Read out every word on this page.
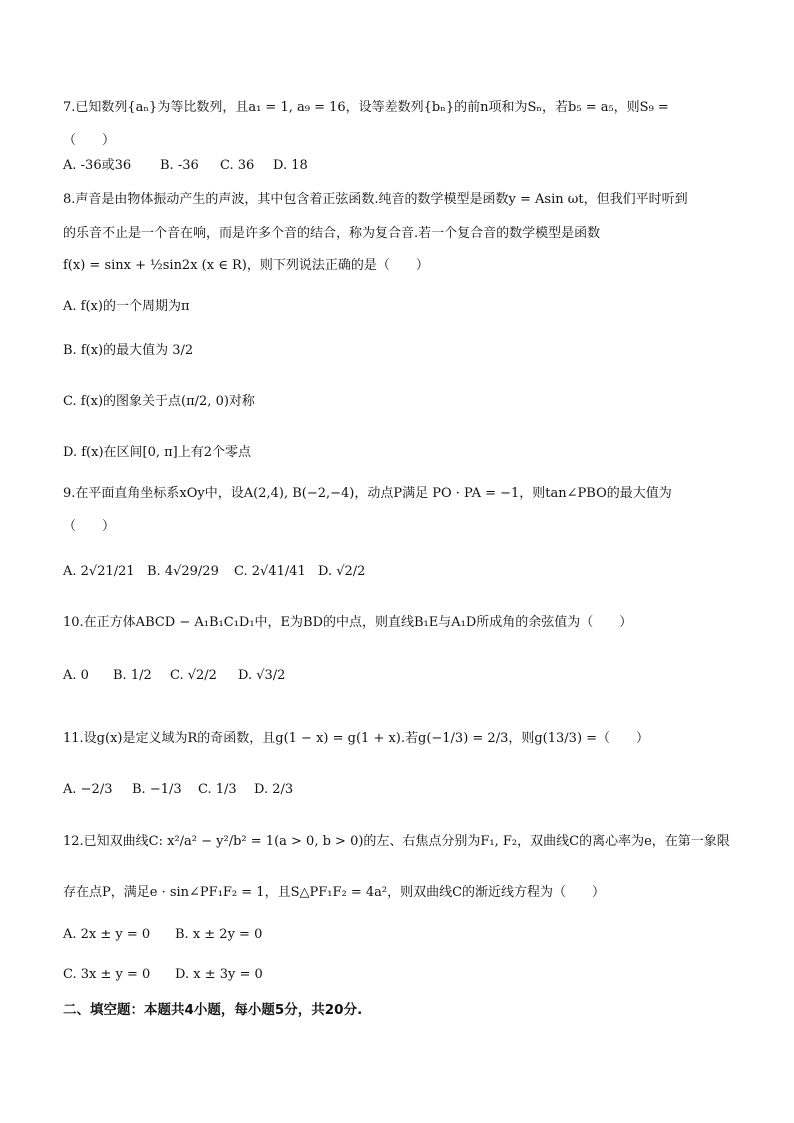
7.已知数列{aₙ}为等比数列，且a₁ = 1, a₉ = 16，设等差数列{bₙ}的前n项和为Sₙ，若b₅ = a₅，则S₉ =
（　　）
A. -36或36 B. -36 C. 36 D. 18
8.声音是由物体振动产生的声波，其中包含着正弦函数.纯音的数学模型是函数y = Asin ωt，但我们平时听到
的乐音不止是一个音在响，而是许多个音的结合，称为复合音.若一个复合音的数学模型是函数
f(x) = sinx + ½sin2x (x ∈ R)，则下列说法正确的是（　　）
A. f(x)的一个周期为π
B. f(x)的最大值为 3/2
C. f(x)的图象关于点(π/2, 0)对称
D. f(x)在区间[0, π]上有2个零点
9.在平面直角坐标系xOy中，设A(2,4), B(−2,−4)，动点P满足 PO · PA = −1，则tan∠PBO的最大值为
（　　）
A. 2√21/21 B. 4√29/29 C. 2√41/41 D. √2/2
10.在正方体ABCD − A₁B₁C₁D₁中，E为BD的中点，则直线B₁E与A₁D所成角的余弦值为（　　）
A. 0 B. 1/2 C. √2/2 D. √3/2
11.设g(x)是定义域为R的奇函数，且g(1 − x) = g(1 + x).若g(−1/3) = 2/3，则g(13/3) =（　　）
A. −2/3 B. −1/3 C. 1/3 D. 2/3
12.已知双曲线C: x²/a² − y²/b² = 1(a > 0, b > 0)的左、右焦点分别为F₁, F₂，双曲线C的离心率为e，在第一象限
存在点P，满足e · sin∠PF₁F₂ = 1，且S△PF₁F₂ = 4a²，则双曲线C的渐近线方程为（　　）
A. 2x ± y = 0 B. x ± 2y = 0
C. 3x ± y = 0 D. x ± 3y = 0
二、填空题：本题共4小题，每小题5分，共20分.
